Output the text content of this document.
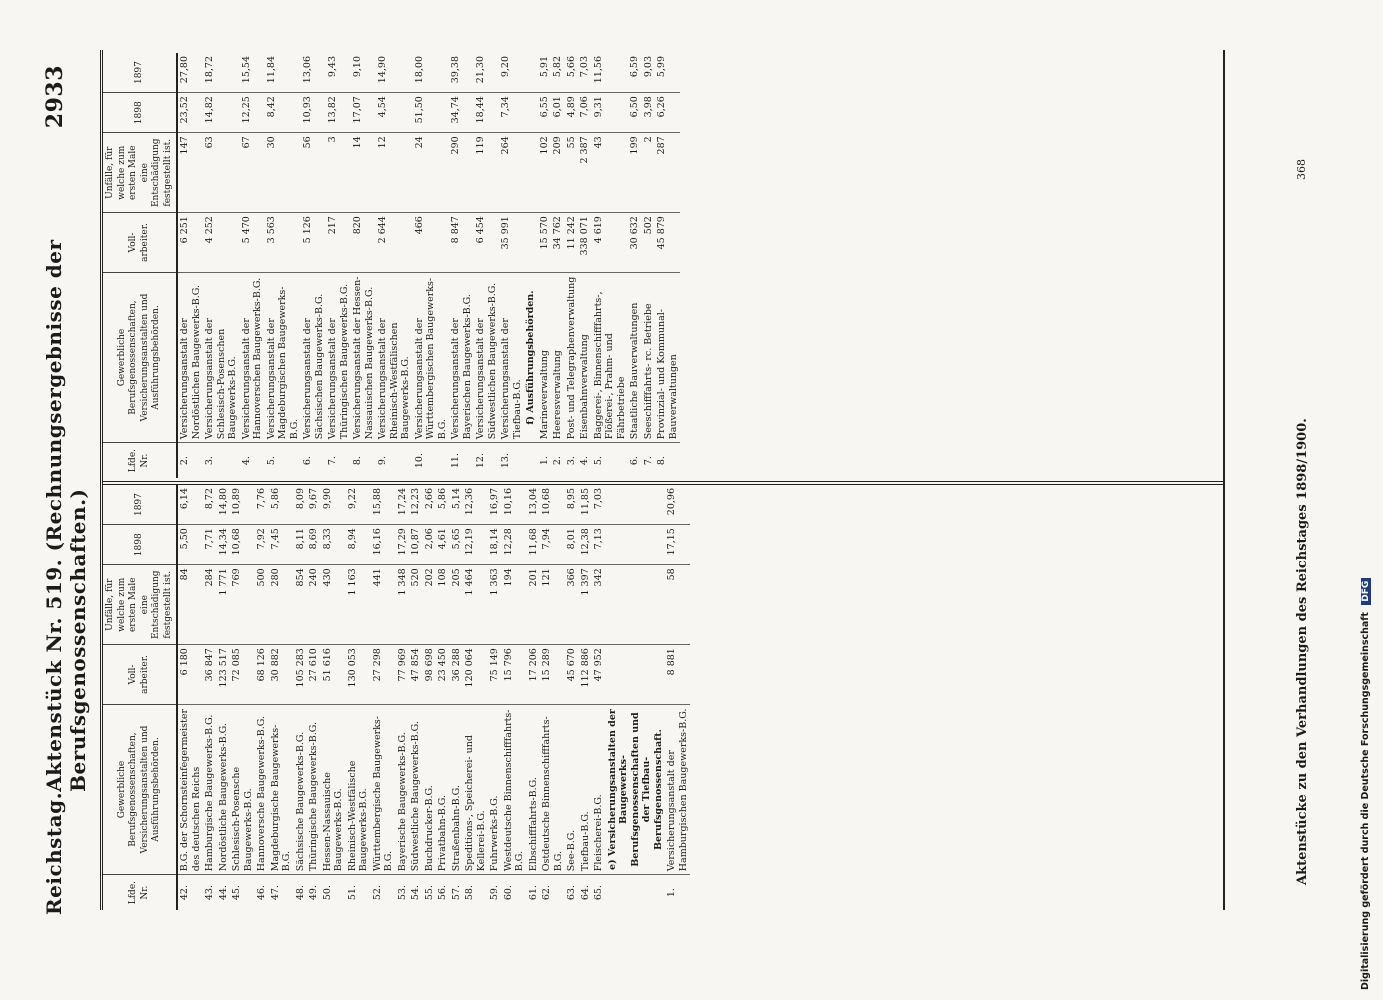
Reichstag.
Aktenstück Nr. 519. (Rechnungsergebnisse der Berufsgenossenschaften.)
2933
Lfde. Nr.	Gewerbliche Berufsgenossenschaften, Versicherungsanstalten und Ausführungsbehörden.	Voll-arbeiter.	Unfälle, für welche zum ersten Male eine Entschädigung festgestellt ist.	1898	1897
42.	B.G. der Schornsteinfegermeister des deutschen Reichs	6 180	84	5,50	6,14
43.	Hamburgische Baugewerks-B.G.	36 847	284	7,71	8,72
44.	Nordöstliche Baugewerks-B.G.	123 517	1 771	14,34	14,80
45.	Schlesisch-Posensche Baugewerks-B.G.	72 085	769	10,68	10,89
46.	Hannoversche Baugewerks-B.G.	68 126	500	7,92	7,76
47.	Magdeburgische Baugewerks-B.G.	30 882	280	7,45	5,86
48.	Sächsische Baugewerks-B.G.	105 283	854	8,11	8,09
49.	Thüringische Baugewerks-B.G.	27 610	240	8,69	9,67
50.	Hessen-Nassauische Baugewerks-B.G.	51 616	430	8,33	9,90
51.	Rheinisch-Westfälische Baugewerks-B.G.	130 053	1 163	8,94	9,22
52.	Württembergische Baugewerks-B.G.	27 298	441	16,16	15,88
53.	Bayerische Baugewerks-B.G.	77 969	1 348	17,29	17,24
54.	Südwestliche Baugewerks-B.G.	47 854	520	10,87	12,23
55.	Buchdrucker-B.G.	98 698	202	2,06	2,66
56.	Privatbahn-B.G.	23 450	108	4,61	5,86
57.	Straßenbahn-B.G.	36 288	205	5,65	5,14
58.	Speditions-, Speicherei- und Kellerei-B.G.	120 064	1 464	12,19	12,36
59.	Fuhrwerks-B.G.	75 149	1 363	18,14	16,97
60.	Westdeutsche Binnenschifffahrts-B.G.	15 796	194	12,28	10,16
61.	Elbschifffahrts-B.G.	17 206	201	11,68	13,04
62.	Ostdeutsche Binnenschifffahrts-B.G.	15 289	121	7,94	10,68
63.	See-B.G.	45 670	366	8,01	8,95
64.	Tiefbau-B.G.	112 886	1 397	12,38	11,85
65.	Fleischerei-B.G.	47 952	342	7,13	7,03
	e) Versicherungsanstalten der Baugewerks-Berufsgenossenschaften und der Tiefbau-Berufsgenossenschaft.				
1.	Versicherungsanstalt der Hamburgischen Baugewerks-B.G.	8 881	58	17,15	20,96
Lfde. Nr.	Gewerbliche Berufsgenossenschaften, Versicherungsanstalten und Ausführungsbehörden.	Voll-arbeiter.	Unfälle, für welche zum ersten Male eine Entschädigung festgestellt ist.	1898	1897
2.	Versicherungsanstalt der Nordöstlichen Baugewerks-B.G.	6 251	147	23,52	27,80
3.	Versicherungsanstalt der Schlesisch-Posenschen Baugewerks-B.G.	4 252	63	14,82	18,72
4.	Versicherungsanstalt der Hannoverschen Baugewerks-B.G.	5 470	67	12,25	15,54
5.	Versicherungsanstalt der Magdeburgischen Baugewerks-B.G.	3 563	30	8,42	11,84
6.	Versicherungsanstalt der Sächsischen Baugewerks-B.G.	5 126	56	10,93	13,06
7.	Versicherungsanstalt der Thüringischen Baugewerks-B.G.	217	3	13,82	9,43
8.	Versicherungsanstalt der Hessen-Nassauischen Baugewerks-B.G.	820	14	17,07	9,10
9.	Versicherungsanstalt der Rheinisch-Westfälischen Baugewerks-B.G.	2 644	12	4,54	14,90
10.	Versicherungsanstalt der Württembergischen Baugewerks-B.G.	466	24	51,50	18,00
11.	Versicherungsanstalt der Bayerischen Baugewerks-B.G.	8 847	290	34,74	39,38
12.	Versicherungsanstalt der Südwestlichen Baugewerks-B.G.	6 454	119	18,44	21,30
13.	Versicherungsanstalt der Tiefbau-B.G.	35 991	264	7,34	9,20
	f) Ausführungsbehörden.				
1.	Marineverwaltung	15 570	102	6,55	5,91
2.	Heeresverwaltung	34 762	209	6,01	5,82
3.	Post- und Telegraphenverwaltung	11 242	55	4,89	5,66
4.	Eisenbahnverwaltung	338 071	2 387	7,06	7,03
5.	Baggerei-, Binnenschifffahrts-, Flößerei-, Prahm- und Fährbetriebe	4 619	43	9,31	11,56
6.	Staatliche Bauverwaltungen	30 632	199	6,50	6,59
7.	Seeschifffahrts- rc. Betriebe	502	2	3,98	9,03
8.	Provinzial- und Kommunal-Bauverwaltungen	45 879	287	6,26	5,99
Aktenstücke zu den Verhandlungen des Reichstages 1898/1900.
368
Digitalisierung gefördert durch die Deutsche Forschungsgemeinschaft DFG
